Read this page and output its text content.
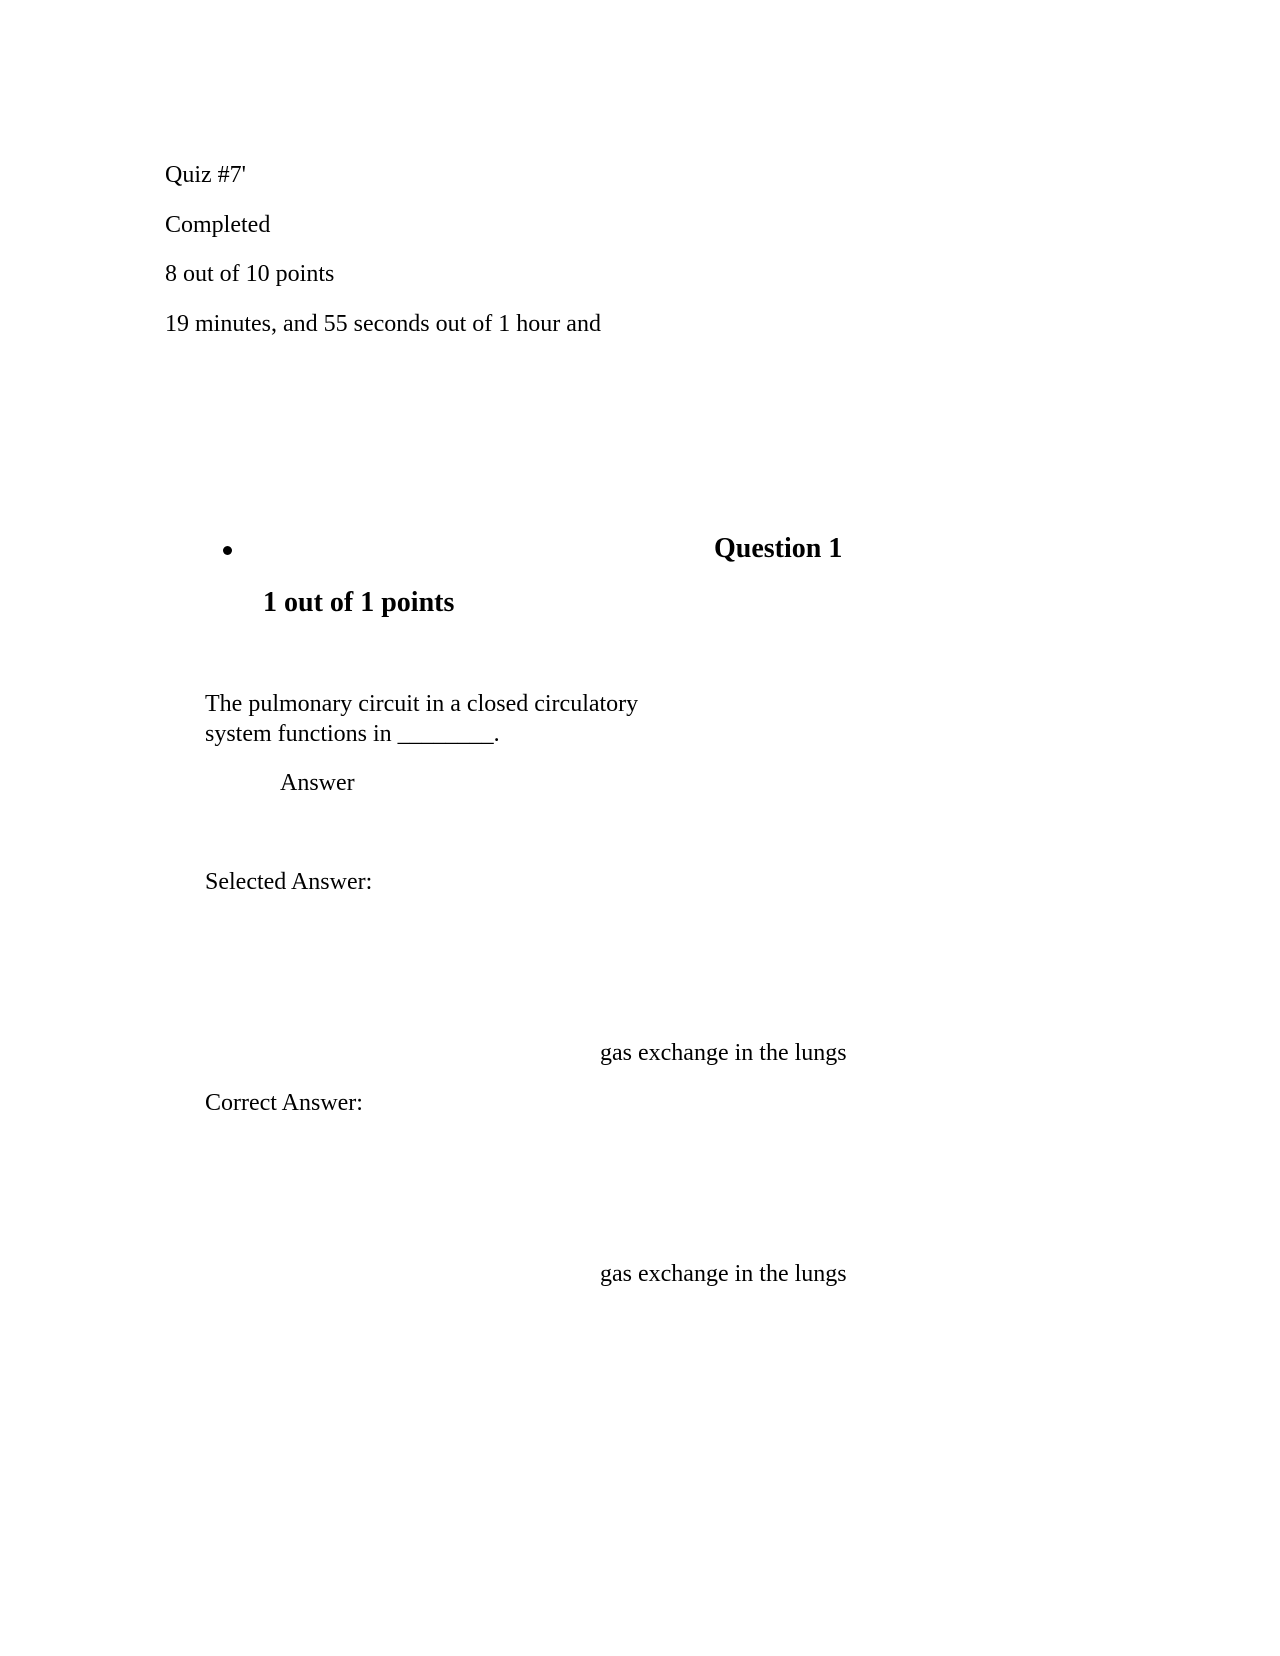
Quiz #7'
Completed
8 out of 10 points
19 minutes, and 55 seconds out of 1 hour and
Question 1
1 out of 1 points
The pulmonary circuit in a closed circulatory system functions in ________.
Answer
Selected Answer:
gas exchange in the lungs
Correct Answer:
gas exchange in the lungs
